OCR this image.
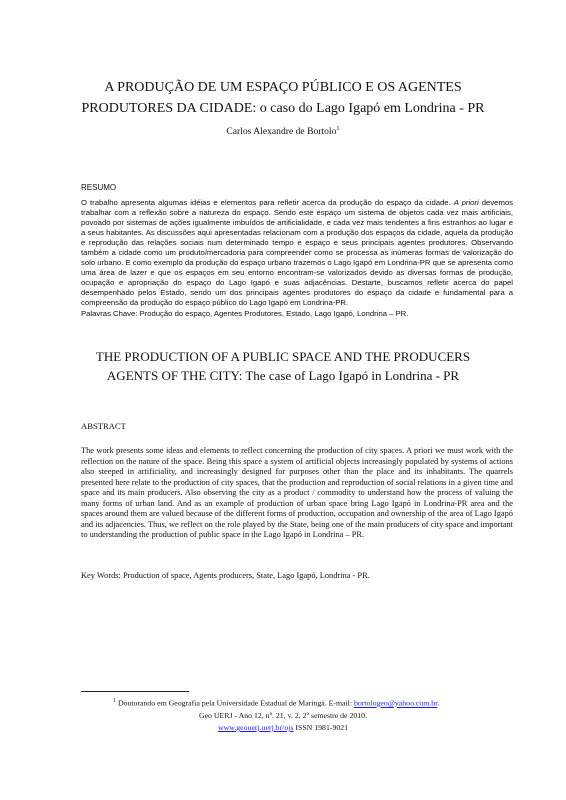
A PRODUÇÃO DE UM ESPAÇO PÚBLICO E OS AGENTES
PRODUTORES DA CIDADE: o caso do Lago Igapó em Londrina - PR
Carlos Alexandre de Bortolo$^1$
RESUMO
O trabalho apresenta algumas idéias e elementos para refletir acerca da produção do espaço da cidade. A priori devemos trabalhar com a reflexão sobre a natureza do espaço. Sendo este espaço um sistema de objetos cada vez mais artificiais, povoado por sistemas de ações igualmente imbuídos de artificialidade, e cada vez mais tendentes a fins estranhos ao lugar e a seus habitantes. As discussões aqui apresentadas relacionam com a produção dos espaços da cidade, aquela da produção e reprodução das relações sociais num determinado tempo e espaço e seus principais agentes produtores. Observando também a cidade como um produto/mercadoria para compreender como se processa as inúmeras formas de valorização do solo urbano. E como exemplo da produção do espaço urbano trazemos o Lago Igapó em Londrina-PR que se apresenta como uma área de lazer e que os espaços em seu entorno encontram-se valorizados devido as diversas formas de produção, ocupação e apropriação do espaço do Lago Igapó e suas adjacências. Destarte, buscamos refletir acerca do papel desempenhado pelos Estado, sendo um dos principais agentes produtores do espaço da cidade e fundamental para a compreensão da produção do espaço público do Lago Igapó em Londrina-PR.
Palavras Chave: Produção do espaço, Agentes Produtores, Estado, Lago Igapó, Londrina – PR.
THE PRODUCTION OF A PUBLIC SPACE AND THE PRODUCERS
AGENTS OF THE CITY: The case of Lago Igapó in Londrina - PR
ABSTRACT
The work presents some ideas and elements to reflect concerning the production of city spaces. A priori we must work with the reflection on the nature of the space. Being this space a system of artificial objects increasingly populated by systems of actions also steeped in artificiality, and increasingly designed for purposes other than the place and its inhabitants. The quarrels presented here relate to the production of city spaces, that the production and reproduction of social relations in a given time and space and its main producers. Also observing the city as a product / commodity to understand how the process of valuing the many forms of urban land. And as an example of production of urban space bring Lago Igapó in Londrina-PR area and the spaces around them are valued because of the different forms of production, occupation and ownership of the area of Lago Igapó and its adjacencies. Thus, we reflect on the role played by the State, being one of the main producers of city space and important to understanding the production of public space in the Lago Igapó in Londrina – PR.
Key Words: Production of space, Agents producers, State, Lago Igapó, Londrina - PR.
$^1$ Doutorando em Geografia pela Universidade Estadual de Maringá. E-mail: bortologeo@yahoo.com.br.
Geo UERJ - Ano 12, nº. 21, v. 2, 2º semestre de 2010.
www.geouerj.uerj.br/ojs ISSN 1981-9021
